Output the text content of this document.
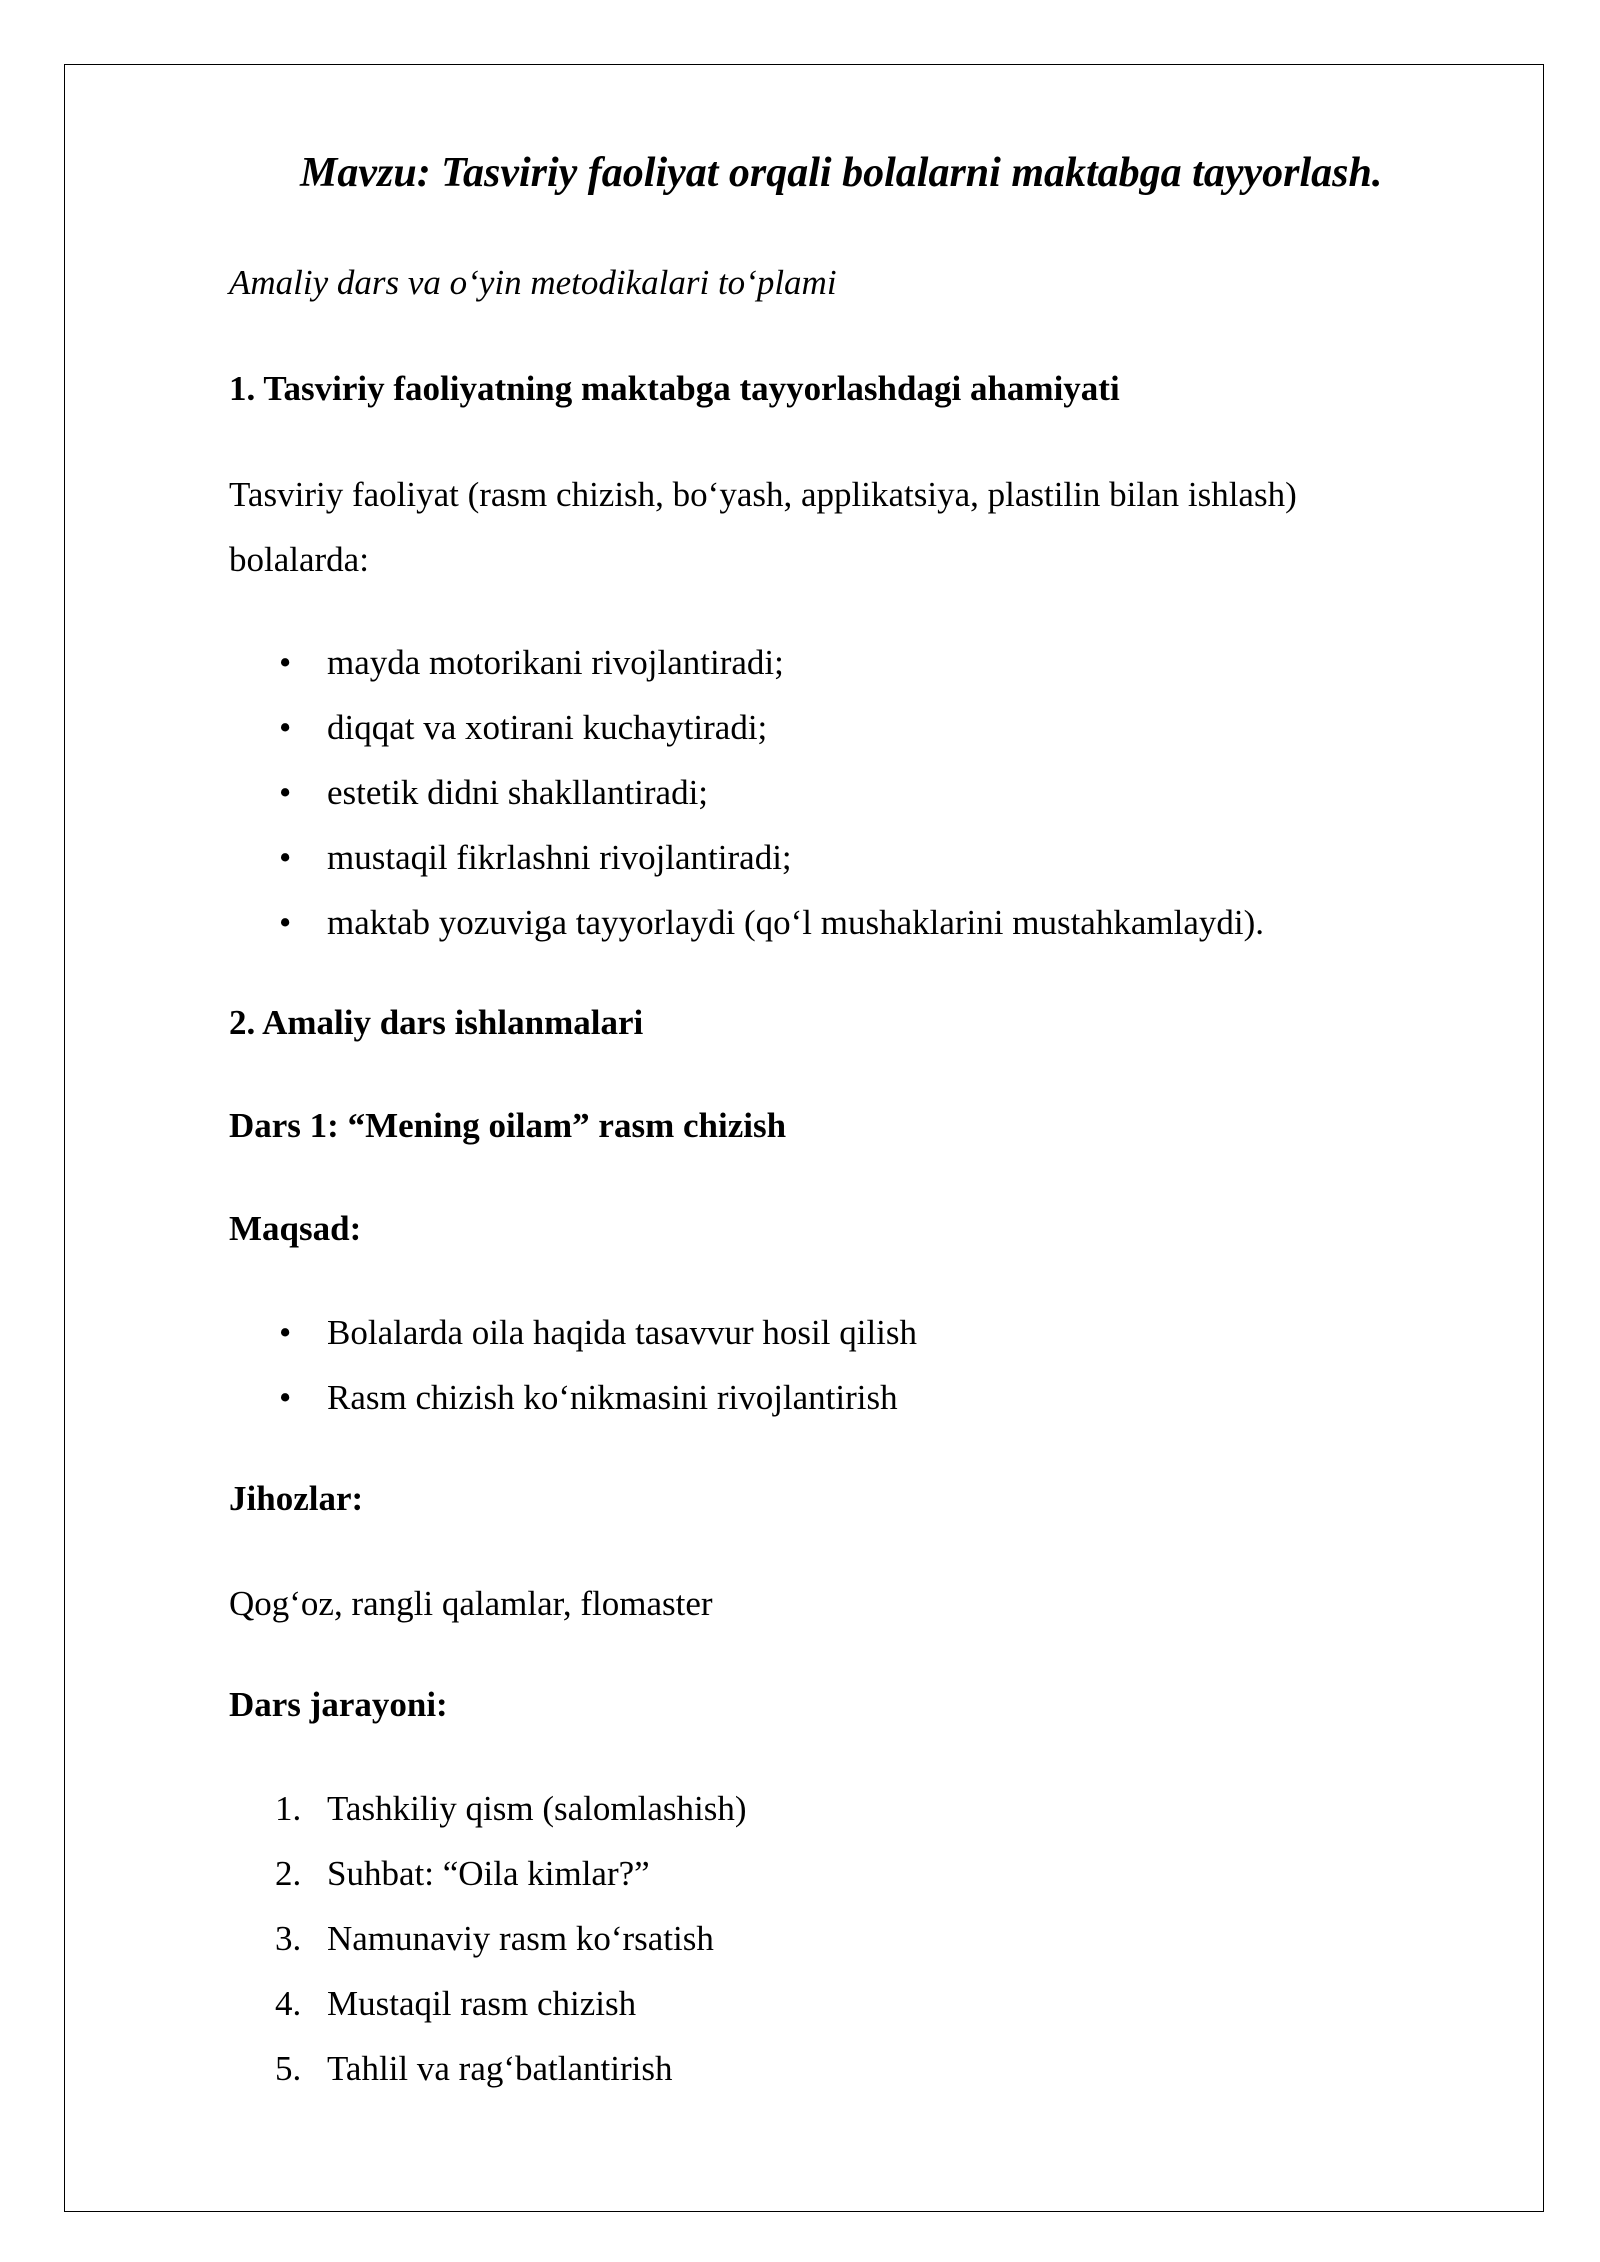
Mavzu: Tasviriy faoliyat orqali bolalarni maktabga tayyorlash.

Amaliy dars va o‘yin metodikalari to‘plami

1. Tasviriy faoliyatning maktabga tayyorlashdagi ahamiyati

Tasviriy faoliyat (rasm chizish, bo‘yash, applikatsiya, plastilin bilan ishlash)
bolalarda:

•	mayda motorikani rivojlantiradi;
•	diqqat va xotirani kuchaytiradi;
•	estetik didni shakllantiradi;
•	mustaqil fikrlashni rivojlantiradi;
•	maktab yozuviga tayyorlaydi (qo‘l mushaklarini mustahkamlaydi).
2. Amaliy dars ishlanmalari
Dars 1: “Mening oilam” rasm chizish
Maqsad:
•	Bolalarda oila haqida tasavvur hosil qilish
•	Rasm chizish ko‘nikmasini rivojlantirish
Jihozlar:

Qog‘oz, rangli qalamlar, flomaster

Dars jarayoni:
1. Tashkiliy qism (salomlashish)
2. Suhbat: “Oila kimlar?”
3. Namunaviy rasm ko‘rsatish
4. Mustaqil rasm chizish
5. Tahlil va rag‘batlantirish
